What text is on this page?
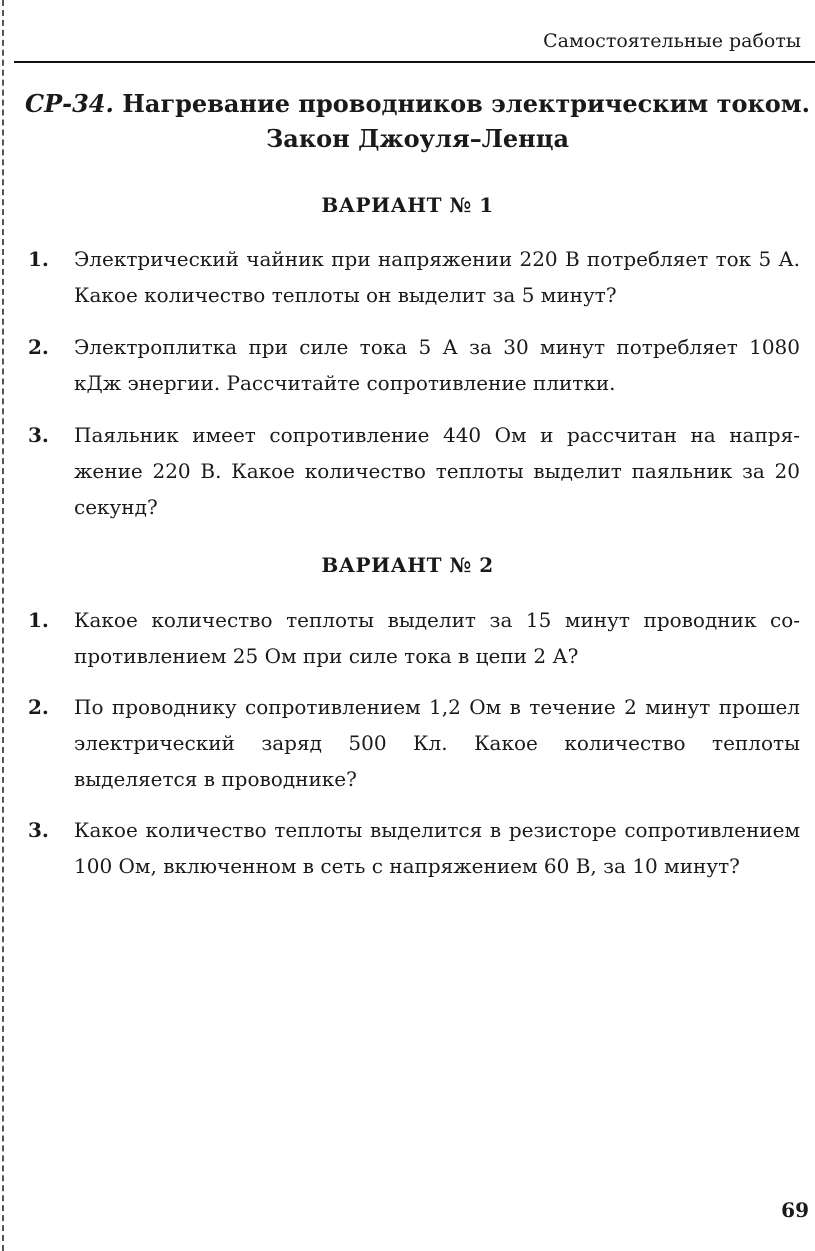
Самостоятельные работы
СР-34. Нагревание проводников электрическим током.
Закон Джоуля–Ленца
ВАРИАНТ № 1
1. Электрический чайник при напряжении 220 В потребляет ток 5 А. Какое количество теплоты он выделит за 5 минут?
2. Электроплитка при силе тока 5 А за 30 минут потребляет 1080 кДж энергии. Рассчитайте сопротивление плитки.
3. Паяльник имеет сопротивление 440 Ом и рассчитан на напряжение 220 В. Какое количество теплоты выделит паяльник за 20 секунд?
ВАРИАНТ № 2
1. Какое количество теплоты выделит за 15 минут проводник сопротивлением 25 Ом при силе тока в цепи 2 А?
2. По проводнику сопротивлением 1,2 Ом в течение 2 минут прошел электрический заряд 500 Кл. Какое количество теплоты выделяется в проводнике?
3. Какое количество теплоты выделится в резисторе сопротивлением 100 Ом, включенном в сеть с напряжением 60 В, за 10 минут?
69
